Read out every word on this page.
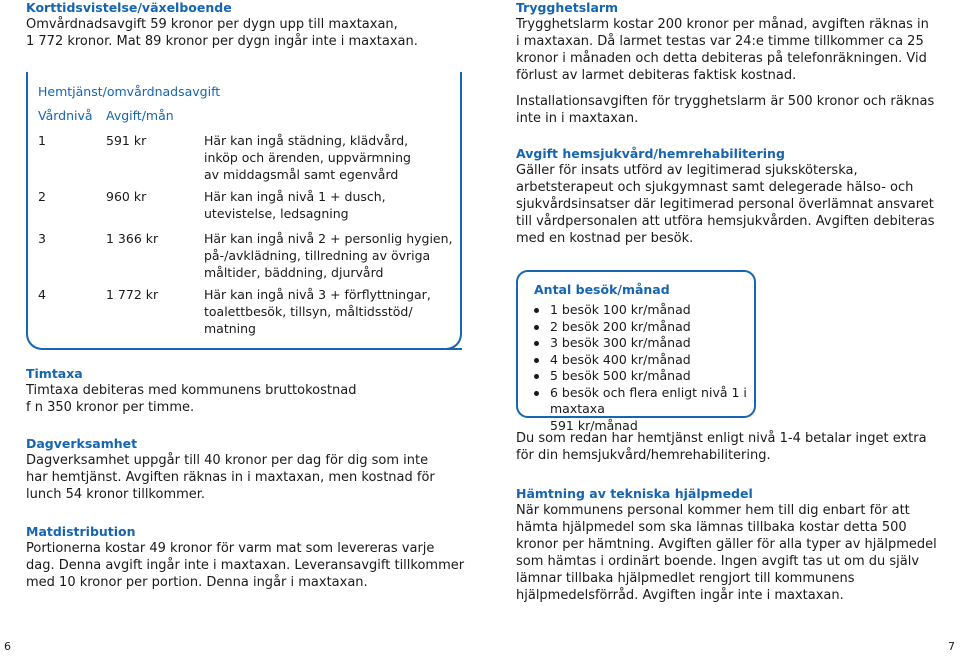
Korttidsvistelse/växelboende

Omvårdnadsavgift 59 kronor per dygn upp till maxtaxan,

1 772 kronor. Mat 89 kronor per dygn ingår inte i maxtaxan.

Hemtjänst/omvårdnadsavgift
Vårdnivå Avgift/mån
1	591 kr	Här kan ingå städning, klädvård,
inköp och ärenden, uppvärmning
av middagsmål samt egenvård
2	960 kr	Här kan ingå nivå 1 + dusch,
utevistelse, ledsagning
3	1 366 kr	Här kan ingå nivå 2 + personlig hygien,
på-/avklädning, tillredning av övriga
måltider, bäddning, djurvård
4	1 772 kr	Här kan ingå nivå 3 + förflyttningar,
toalettbesök, tillsyn, måltidsstöd/
matning

Timtaxa

Timtaxa debiteras med kommunens bruttokostnad

f n 350 kronor per timme.

Dagverksamhet

Dagverksamhet uppgår till 40 kronor per dag för dig som inte

har hemtjänst. Avgiften räknas in i maxtaxan, men kostnad för

lunch 54 kronor tillkommer.

Matdistribution

Portionerna kostar 49 kronor för varm mat som levereras varje

dag. Denna avgift ingår inte i maxtaxan. Leveransavgift tillkommer

med 10 kronor per portion. Denna ingår i maxtaxan.

Trygghetslarm

Trygghetslarm kostar 200 kronor per månad, avgiften räknas in

i maxtaxan. Då larmet testas var 24:e timme tillkommer ca 25

kronor i månaden och detta debiteras på telefonräkningen. Vid

förlust av larmet debiteras faktisk kostnad.

Installationsavgiften för trygghetslarm är 500 kronor och räknas

inte in i maxtaxan.

Avgift hemsjukvård/hemrehabilitering

Gäller för insats utförd av legitimerad sjuksköterska,

arbetsterapeut och sjukgymnast samt delegerade hälso- och

sjukvårdsinsatser där legitimerad personal överlämnat ansvaret

till vårdpersonalen att utföra hemsjukvården. Avgiften debiteras

med en kostnad per besök.

Antal besök/månad

1 besök 100 kr/månad
2 besök 200 kr/månad
3 besök 300 kr/månad
4 besök 400 kr/månad
5 besök 500 kr/månad
6 besök och flera enligt nivå 1 i maxtaxa
591 kr/månad

Du som redan har hemtjänst enligt nivå 1-4 betalar inget extra

för din hemsjukvård/hemrehabilitering.

Hämtning av tekniska hjälpmedel

När kommunens personal kommer hem till dig enbart för att

hämta hjälpmedel som ska lämnas tillbaka kostar detta 500

kronor per hämtning. Avgiften gäller för alla typer av hjälpmedel

som hämtas i ordinärt boende. Ingen avgift tas ut om du själv

lämnar tillbaka hjälpmedlet rengjort till kommunens

hjälpmedelsförråd. Avgiften ingår inte i maxtaxan.

6	7
